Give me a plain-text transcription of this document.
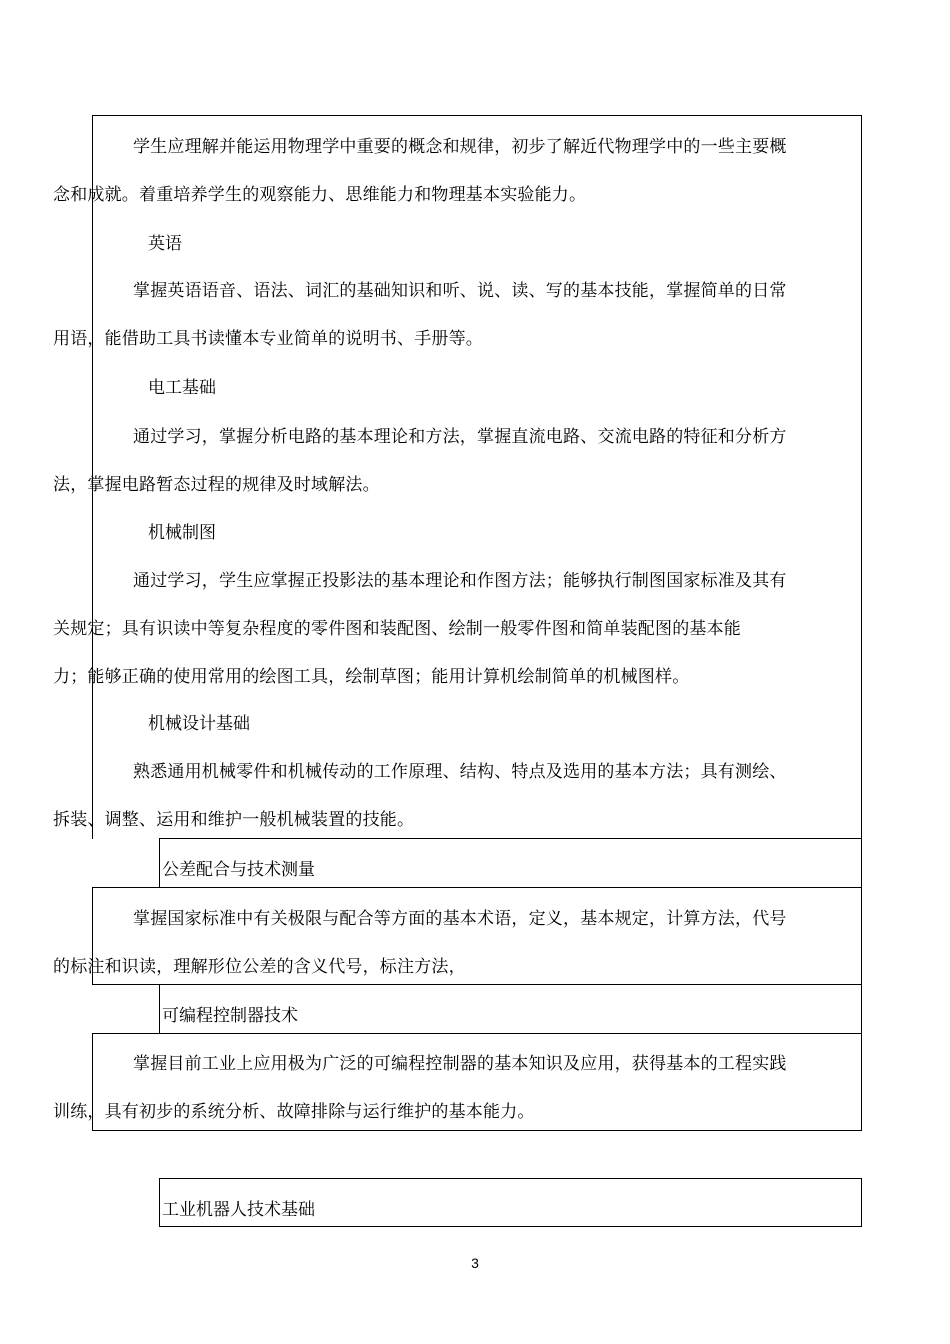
学生应理解并能运用物理学中重要的概念和规律，初步了解近代物理学中的一些主要概
念和成就。着重培养学生的观察能力、思维能力和物理基本实验能力。

英语

掌握英语语音、语法、词汇的基础知识和听、说、读、写的基本技能，掌握简单的日常
用语，能借助工具书读懂本专业简单的说明书、手册等。

电工基础

通过学习，掌握分析电路的基本理论和方法，掌握直流电路、交流电路的特征和分析方
法，掌握电路暂态过程的规律及时域解法。

机械制图

通过学习，学生应掌握正投影法的基本理论和作图方法；能够执行制图国家标准及其有
关规定；具有识读中等复杂程度的零件图和装配图、绘制一般零件图和简单装配图的基本能
力；能够正确的使用常用的绘图工具，绘制草图；能用计算机绘制简单的机械图样。

机械设计基础

熟悉通用机械零件和机械传动的工作原理、结构、特点及选用的基本方法；具有测绘、
拆装、调整、运用和维护一般机械装置的技能。

公差配合与技术测量

掌握国家标准中有关极限与配合等方面的基本术语，定义，基本规定，计算方法，代号
的标注和识读，理解形位公差的含义代号，标注方法，

可编程控制器技术

掌握目前工业上应用极为广泛的可编程控制器的基本知识及应用，获得基本的工程实践
训练，具有初步的系统分析、故障排除与运行维护的基本能力。

工业机器人技术基础

3
